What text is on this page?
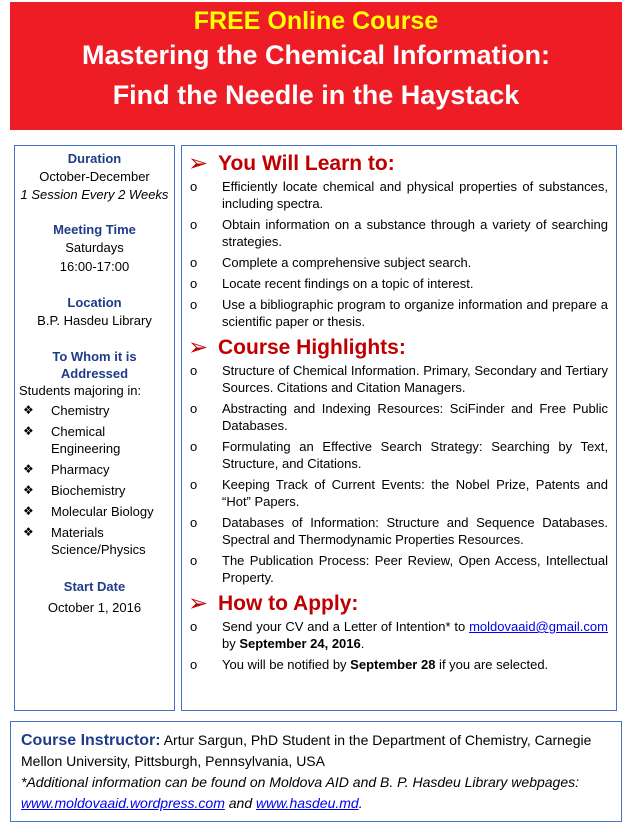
FREE Online Course
Mastering the Chemical Information:
Find the Needle in the Haystack
Duration
October-December
1 Session Every 2 Weeks
Meeting Time
Saturdays
16:00-17:00
Location
B.P. Hasdeu Library
To Whom it is Addressed
Students majoring in:
❖	Chemistry
❖	Chemical Engineering
❖	Pharmacy
❖	Biochemistry
❖	Molecular Biology
❖	Materials Science/Physics
Start Date
October 1, 2016
➢ You Will Learn to:
o	Efficiently locate chemical and physical properties of substances, including spectra.
o	Obtain information on a substance through a variety of searching strategies.
o	Complete a comprehensive subject search.
o	Locate recent findings on a topic of interest.
o	Use a bibliographic program to organize information and prepare a scientific paper or thesis.
➢ Course Highlights:
o	Structure of Chemical Information. Primary, Secondary and Tertiary Sources. Citations and Citation Managers.
o	Abstracting and Indexing Resources: SciFinder and Free Public Databases.
o	Formulating an Effective Search Strategy: Searching by Text, Structure, and Citations.
o	Keeping Track of Current Events: the Nobel Prize, Patents and “Hot” Papers.
o	Databases of Information: Structure and Sequence Databases. Spectral and Thermodynamic Properties Resources.
o	The Publication Process: Peer Review, Open Access, Intellectual Property.
➢ How to Apply:
o	Send your CV and a Letter of Intention* to moldovaaid@gmail.com by September 24, 2016.
o	You will be notified by September 28 if you are selected.
Course Instructor: Artur Sargun, PhD Student in the Department of Chemistry, Carnegie Mellon University, Pittsburgh, Pennsylvania, USA
*Additional information can be found on Moldova AID and B. P. Hasdeu Library webpages: www.moldovaaid.wordpress.com and www.hasdeu.md.
